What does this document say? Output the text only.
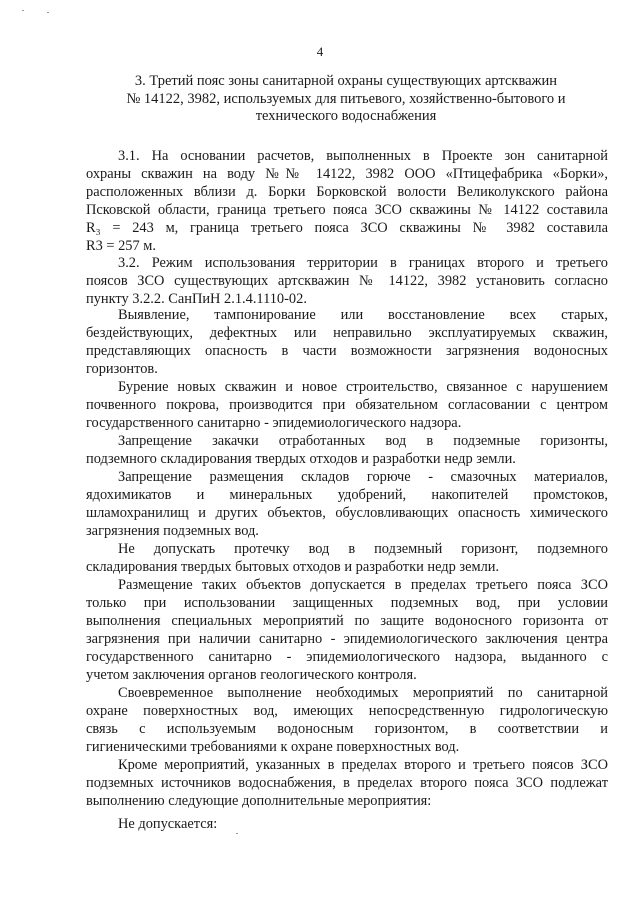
4
3. Третий пояс зоны санитарной охраны существующих артскважин
№ 14122, 3982, используемых для питьевого, хозяйственно-бытового и
технического водоснабжения
3.1. На основании расчетов, выполненных в Проекте зон санитарной
охраны скважин на воду №№ 14122, 3982 ООО «Птицефабрика «Борки»,
расположенных вблизи д. Борки Борковской волости Великолукского района
Псковской области, граница третьего пояса ЗСО скважины № 14122 составила
R₃ = 243 м, граница третьего пояса ЗСО скважины № 3982 составила
R3 = 257 м.
3.2. Режим использования территории в границах второго и третьего
поясов ЗСО существующих артскважин № 14122, 3982 установить согласно
пункту 3.2.2. СанПиН 2.1.4.1110-02.
Выявление, тампонирование или восстановление всех старых,
бездействующих, дефектных или неправильно эксплуатируемых скважин,
представляющих опасность в части возможности загрязнения водоносных
горизонтов.
Бурение новых скважин и новое строительство, связанное с нарушением
почвенного покрова, производится при обязательном согласовании с центром
государственного санитарно - эпидемиологического надзора.
Запрещение закачки отработанных вод в подземные горизонты,
подземного складирования твердых отходов и разработки недр земли.
Запрещение размещения складов горюче - смазочных материалов,
ядохимикатов и минеральных удобрений, накопителей промстоков,
шламохранилищ и других объектов, обусловливающих опасность химического
загрязнения подземных вод.
Не допускать протечку вод в подземный горизонт, подземного
складирования твердых бытовых отходов и разработки недр земли.
Размещение таких объектов допускается в пределах третьего пояса ЗСО
только при использовании защищенных подземных вод, при условии
выполнения специальных мероприятий по защите водоносного горизонта от
загрязнения при наличии санитарно - эпидемиологического заключения центра
государственного санитарно - эпидемиологического надзора, выданного с
учетом заключения органов геологического контроля.
Своевременное выполнение необходимых мероприятий по санитарной
охране поверхностных вод, имеющих непосредственную гидрологическую
связь с используемым водоносным горизонтом, в соответствии и
гигиеническими требованиями к охране поверхностных вод.
Кроме мероприятий, указанных в пределах второго и третьего поясов ЗСО
подземных источников водоснабжения, в пределах второго пояса ЗСО подлежат
выполнению следующие дополнительные мероприятия:
Не допускается:
